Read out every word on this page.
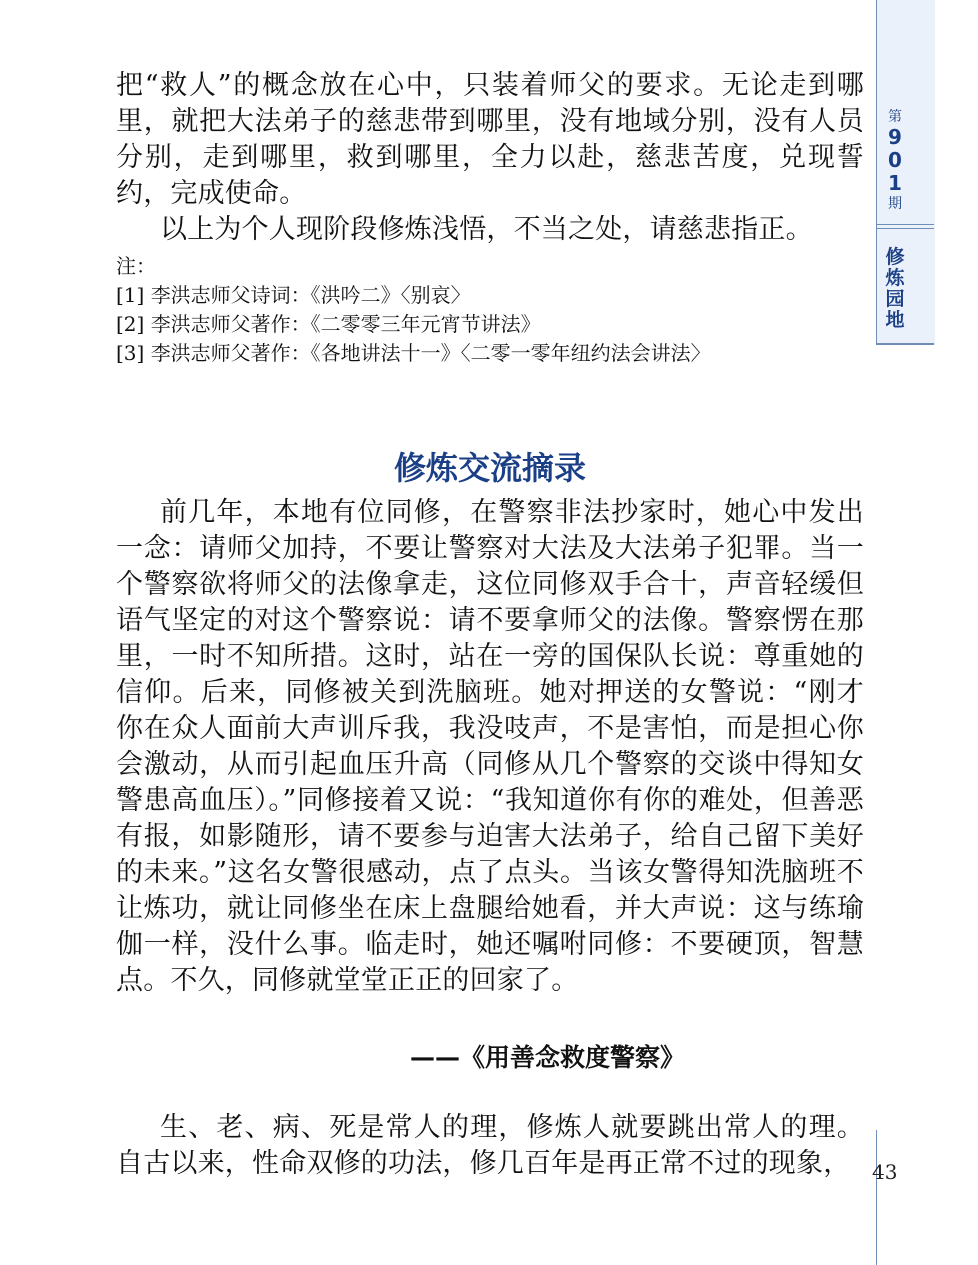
把“救人”的概念放在心中，只装着师父的要求。无论走到哪里，就把大法弟子的慈悲带到哪里，没有地域分别，没有人员分别，走到哪里，救到哪里，全力以赴，慈悲苦度，兑现誓约，完成使命。

以上为个人现阶段修炼浅悟，不当之处，请慈悲指正。

注：
[1] 李洪志师父诗词：《洪吟二》〈别哀〉
[2] 李洪志师父著作：《二零零三年元宵节讲法》
[3] 李洪志师父著作：《各地讲法十一》〈二零一零年纽约法会讲法〉
修炼交流摘录

前几年，本地有位同修，在警察非法抄家时，她心中发出一念：请师父加持，不要让警察对大法及大法弟子犯罪。当一个警察欲将师父的法像拿走，这位同修双手合十，声音轻缓但语气坚定的对这个警察说：请不要拿师父的法像。警察愣在那里，一时不知所措。这时，站在一旁的国保队长说：尊重她的信仰。后来，同修被关到洗脑班。她对押送的女警说：“刚才你在众人面前大声训斥我，我没吱声，不是害怕，而是担心你会激动，从而引起血压升高（同修从几个警察的交谈中得知女警患高血压）。”同修接着又说：“我知道你有你的难处，但善恶有报，如影随形，请不要参与迫害大法弟子，给自己留下美好的未来。”这名女警很感动，点了点头。当该女警得知洗脑班不让炼功，就让同修坐在床上盘腿给她看，并大声说：这与练瑜伽一样，没什么事。临走时，她还嘱咐同修：不要硬顶，智慧点。不久，同修就堂堂正正的回家了。

——《用善念救度警察》

生、老、病、死是常人的理，修炼人就要跳出常人的理。自古以来，性命双修的功法，修几百年是再正常不过的现象，

第
9
0
1
期
修
炼
园
地
43
